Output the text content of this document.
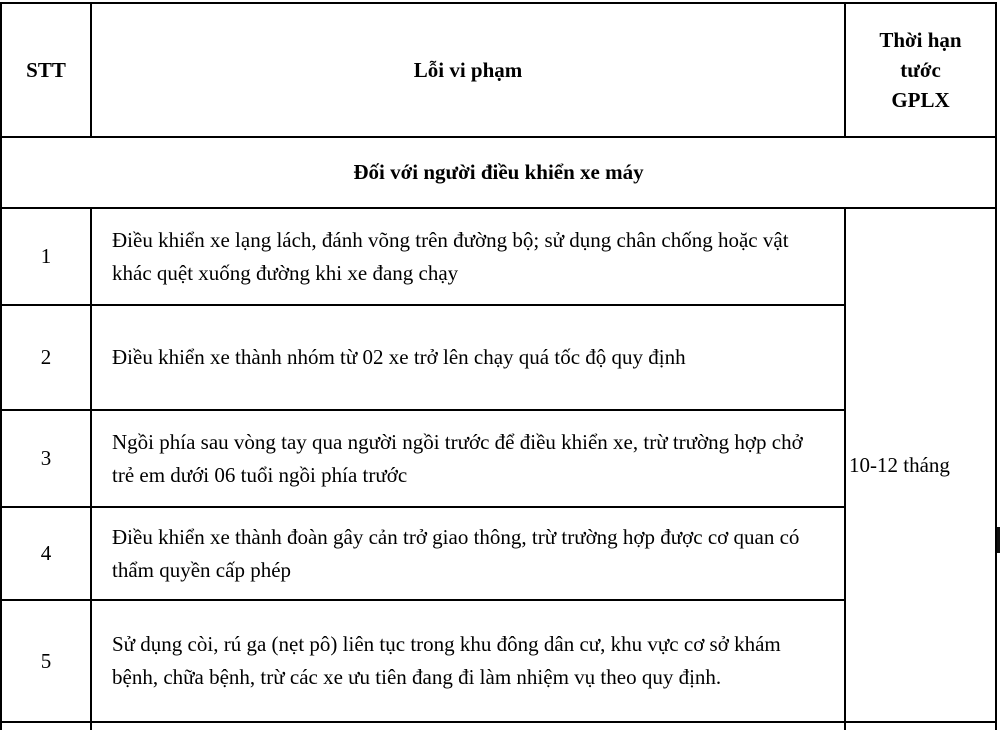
STT	Lỗi vi phạm	Thời hạn
tước
GPLX

Đối với người điều khiển xe máy		
1	Điều khiển xe lạng lách, đánh võng trên đường bộ; sử dụng chân chống hoặc vật khác quệt xuống đường khi xe đang chạy	10-12 tháng
2	Điều khiển xe thành nhóm từ 02 xe trở lên chạy quá tốc độ quy định	
3	Ngồi phía sau vòng tay qua người ngồi trước để điều khiển xe, trừ trường hợp chở trẻ em dưới 06 tuổi ngồi phía trước	
4	Điều khiển xe thành đoàn gây cản trở giao thông, trừ trường hợp được cơ quan có thẩm quyền cấp phép	
5	Sử dụng còi, rú ga (nẹt pô) liên tục trong khu đông dân cư, khu vực cơ sở khám bệnh, chữa bệnh, trừ các xe ưu tiên đang đi làm nhiệm vụ theo quy định.	
